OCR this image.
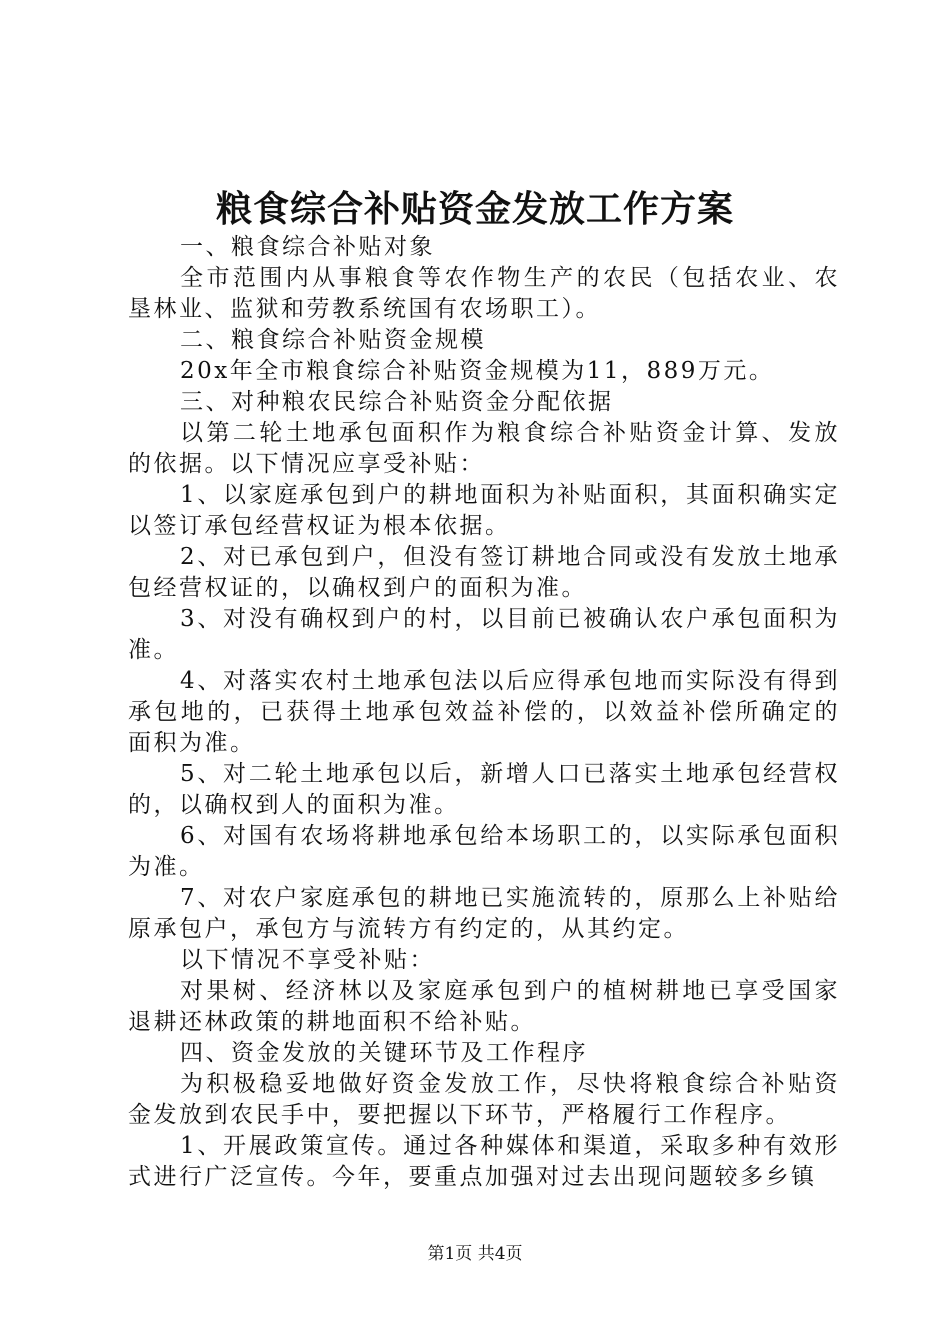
粮食综合补贴资金发放工作方案

一、粮食综合补贴对象

全市范围内从事粮食等农作物生产的农民（包括农业、农垦林业、监狱和劳教系统国有农场职工）。

二、粮食综合补贴资金规模

20x年全市粮食综合补贴资金规模为11，889万元。

三、对种粮农民综合补贴资金分配依据

以第二轮土地承包面积作为粮食综合补贴资金计算、发放的依据。以下情况应享受补贴：

1、以家庭承包到户的耕地面积为补贴面积，其面积确实定以签订承包经营权证为根本依据。

2、对已承包到户，但没有签订耕地合同或没有发放土地承包经营权证的，以确权到户的面积为准。

3、对没有确权到户的村，以目前已被确认农户承包面积为准。

4、对落实农村土地承包法以后应得承包地而实际没有得到承包地的，已获得土地承包效益补偿的，以效益补偿所确定的面积为准。

5、对二轮土地承包以后，新增人口已落实土地承包经营权的，以确权到人的面积为准。

6、对国有农场将耕地承包给本场职工的，以实际承包面积为准。

7、对农户家庭承包的耕地已实施流转的，原那么上补贴给原承包户，承包方与流转方有约定的，从其约定。

以下情况不享受补贴：

对果树、经济林以及家庭承包到户的植树耕地已享受国家退耕还林政策的耕地面积不给补贴。

四、资金发放的关键环节及工作程序

为积极稳妥地做好资金发放工作，尽快将粮食综合补贴资金发放到农民手中，要把握以下环节，严格履行工作程序。

1、开展政策宣传。通过各种媒体和渠道，采取多种有效形式进行广泛宣传。今年，要重点加强对过去出现问题较多乡镇

第1页 共4页
